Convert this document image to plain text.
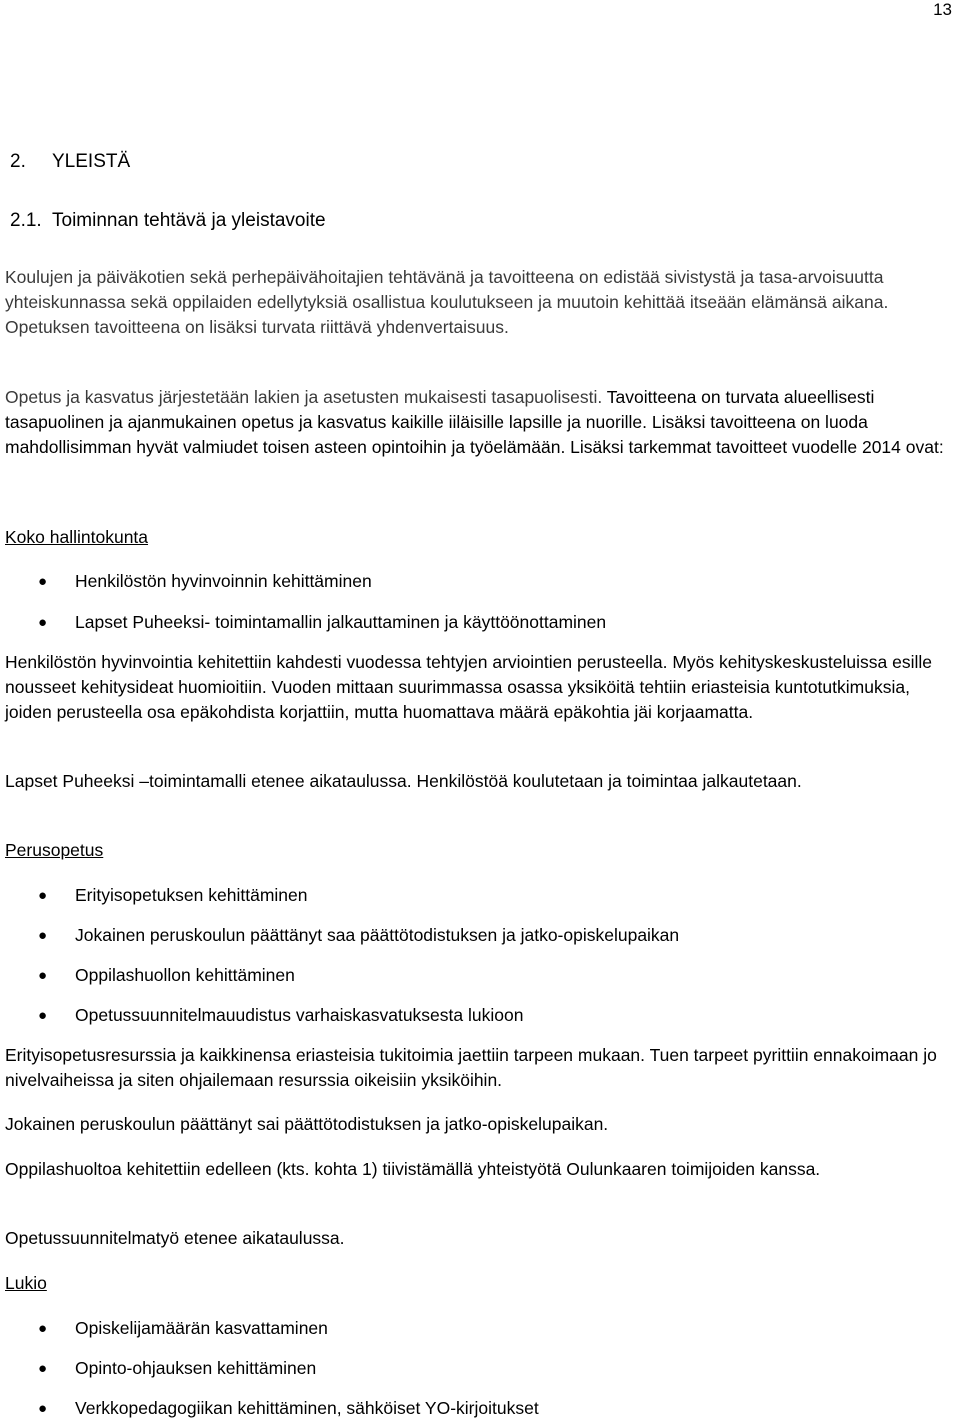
13
2. YLEISTÄ
2.1. Toiminnan tehtävä ja yleistavoite

Koulujen ja päiväkotien sekä perhepäivähoitajien tehtävänä ja tavoitteena on edistää sivistystä ja tasa-arvoisuutta yhteiskunnassa sekä oppilaiden edellytyksiä osallistua koulutukseen ja muutoin kehittää itseään elämänsä aikana. Opetuksen tavoitteena on lisäksi turvata riittävä yhdenvertaisuus.

Opetus ja kasvatus järjestetään lakien ja asetusten mukaisesti tasapuolisesti. Tavoitteena on turvata alueellisesti tasapuolinen ja ajanmukainen opetus ja kasvatus kaikille iiläisille lapsille ja nuorille. Lisäksi tavoitteena on luoda mahdollisimman hyvät valmiudet toisen asteen opintoihin ja työelämään. Lisäksi tarkemmat tavoitteet vuodelle 2014 ovat:

Koko hallintokunta
● Henkilöstön hyvinvoinnin kehittäminen
● Lapset Puheeksi- toimintamallin jalkauttaminen ja käyttöönottaminen

Henkilöstön hyvinvointia kehitettiin kahdesti vuodessa tehtyjen arviointien perusteella. Myös kehityskeskusteluissa esille nousseet kehitysideat huomioitiin. Vuoden mittaan suurimmassa osassa yksiköitä tehtiin eriasteisia kuntotutkimuksia, joiden perusteella osa epäkohdista korjattiin, mutta huomattava määrä epäkohtia jäi korjaamatta.

Lapset Puheeksi –toimintamalli etenee aikataulussa. Henkilöstöä koulutetaan ja toimintaa jalkautetaan.

Perusopetus
● Erityisopetuksen kehittäminen
● Jokainen peruskoulun päättänyt saa päättötodistuksen ja jatko-opiskelupaikan
● Oppilashuollon kehittäminen
● Opetussuunnitelmauudistus varhaiskasvatuksesta lukioon

Erityisopetusresurssia ja kaikkinensa eriasteisia tukitoimia jaettiin tarpeen mukaan. Tuen tarpeet pyrittiin ennakoimaan jo nivelvaiheissa ja siten ohjailemaan resurssia oikeisiin yksiköihin.

Jokainen peruskoulun päättänyt sai päättötodistuksen ja jatko-opiskelupaikan.

Oppilashuoltoa kehitettiin edelleen (kts. kohta 1) tiivistämällä yhteistyötä Oulunkaaren toimijoiden kanssa.

Opetussuunnitelmatyö etenee aikataulussa.

Lukio
● Opiskelijamäärän kasvattaminen
● Opinto-ohjauksen kehittäminen
● Verkkopedagogiikan kehittäminen, sähköiset YO-kirjoitukset
